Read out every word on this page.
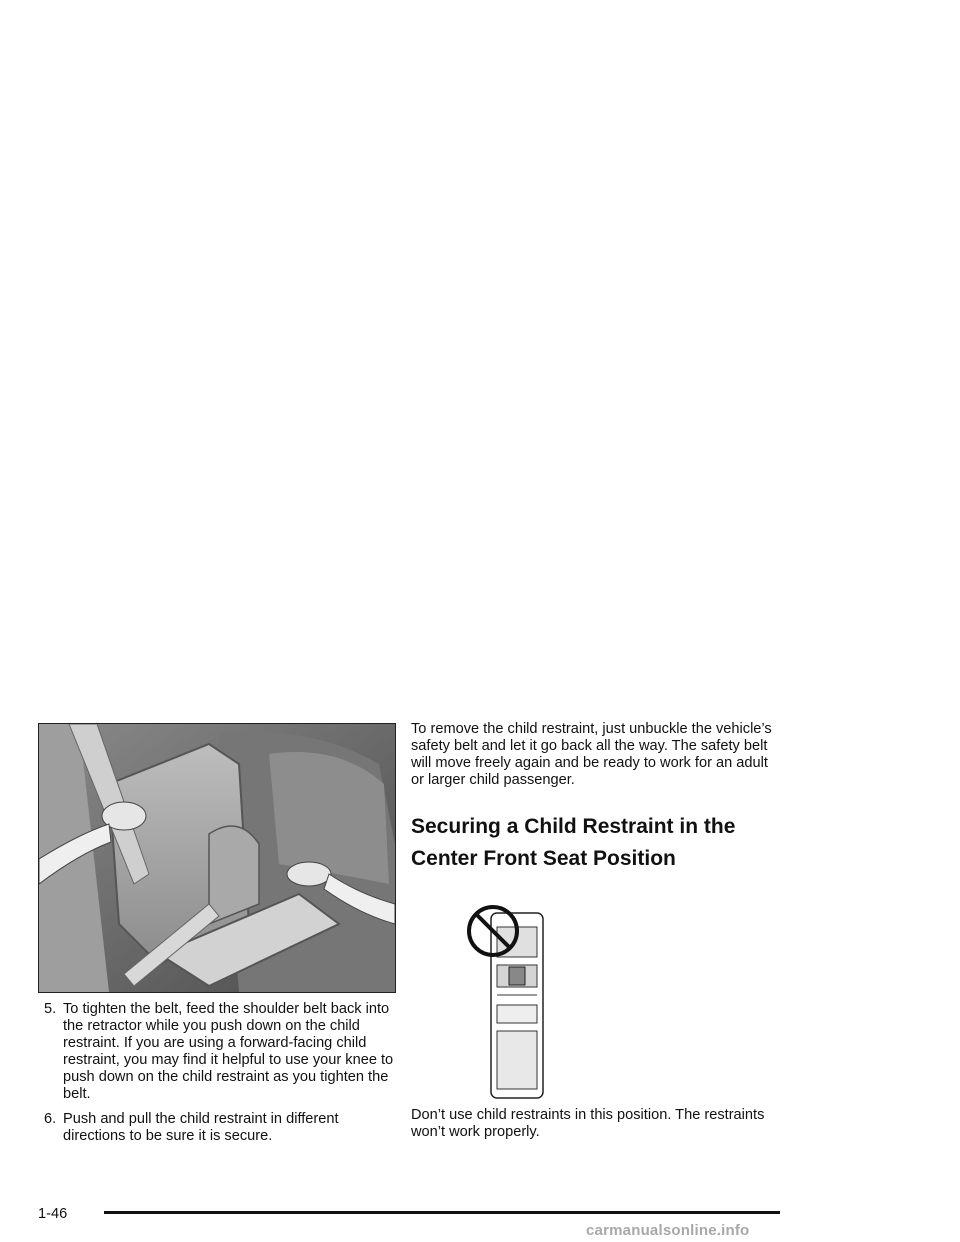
5. To tighten the belt, feed the shoulder belt back into the retractor while you push down on the child restraint. If you are using a forward-facing child restraint, you may find it helpful to use your knee to push down on the child restraint as you tighten the belt.
6. Push and pull the child restraint in different directions to be sure it is secure.

To remove the child restraint, just unbuckle the vehicle’s safety belt and let it go back all the way. The safety belt will move freely again and be ready to work for an adult or larger child passenger.

Securing a Child Restraint in the Center Front Seat Position

Don’t use child restraints in this position. The restraints won’t work properly.

1-46
carmanualsonline.info
